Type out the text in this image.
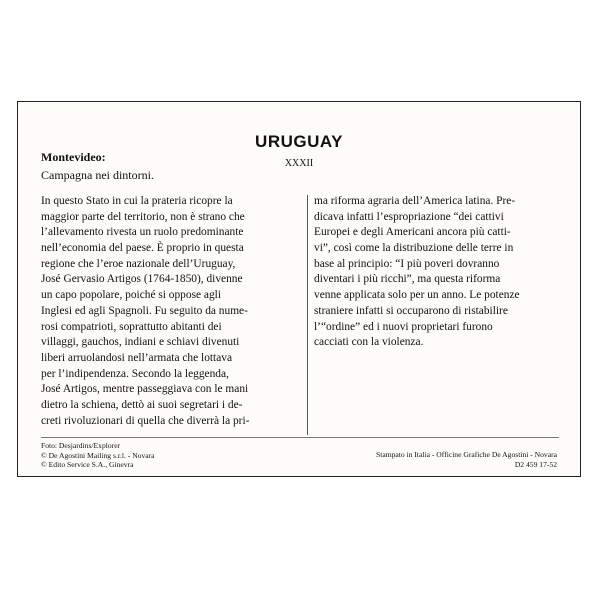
URUGUAY
XXXII
Montevideo:
Campagna nei dintorni.
In questo Stato in cui la prateria ricopre la
maggior parte del territorio, non è strano che
l’allevamento rivesta un ruolo predominante
nell’economia del paese. È proprio in questa
regione che l’eroe nazionale dell’Uruguay,
José Gervasio Artigos (1764-1850), divenne
un capo popolare, poiché si oppose agli
Inglesi ed agli Spagnoli. Fu seguito da nume-
rosi compatrioti, soprattutto abitanti dei
villaggi, gauchos, indiani e schiavi divenuti
liberi arruolandosi nell’armata che lottava
per l’indipendenza. Secondo la leggenda,
José Artigos, mentre passeggiava con le mani
dietro la schiena, dettò ai suoi segretari i de-
creti rivoluzionari di quella che diverrà la pri-
ma riforma agraria dell’America latina. Pre-
dicava infatti l’espropriazione “dei cattivi
Europei e degli Americani ancora più catti-
vi”, così come la distribuzione delle terre in
base al principio: “I più poveri dovranno
diventari i più ricchi”, ma questa riforma
venne applicata solo per un anno. Le potenze
straniere infatti si occuparono di ristabilire
l’“ordine” ed i nuovi proprietari furono
cacciati con la violenza.
Foto: Desjardins/Explorer
© De Agostini Mailing s.r.l. - Novara
© Edito Service S.A., Ginevra
Stampato in Italia - Officine Grafiche De Agostini - Novara
D2 459 17-52
